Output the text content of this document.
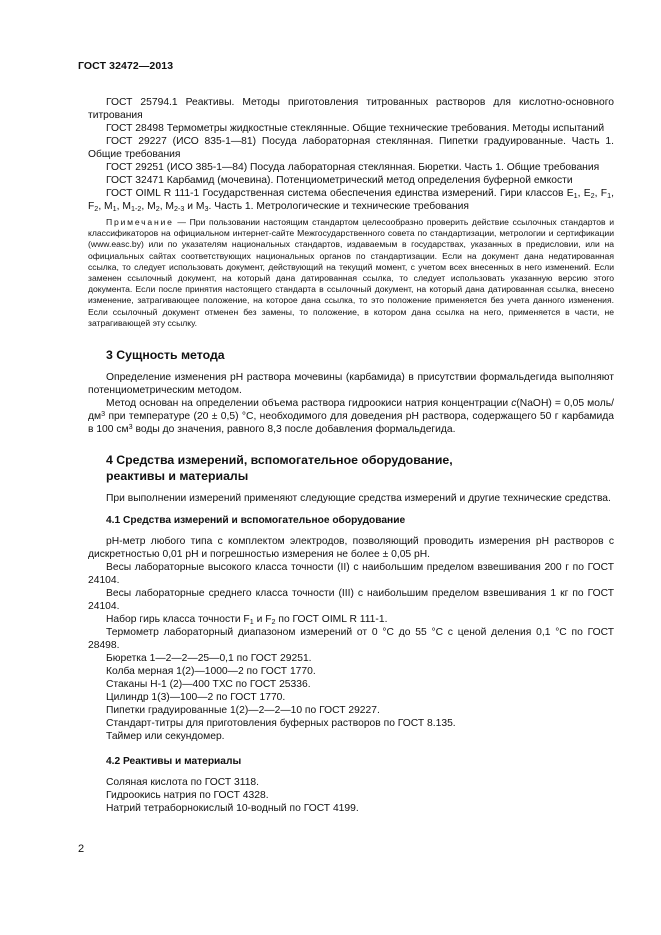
ГОСТ 32472—2013

ГОСТ 25794.1 Реактивы. Методы приготовления титрованных растворов для кислотно-основного титрования

ГОСТ 28498 Термометры жидкостные стеклянные. Общие технические требования. Методы испытаний

ГОСТ 29227 (ИСО 835-1—81) Посуда лабораторная стеклянная. Пипетки градуированные. Часть 1. Общие требования

ГОСТ 29251 (ИСО 385-1—84) Посуда лабораторная стеклянная. Бюретки. Часть 1. Общие требования

ГОСТ 32471 Карбамид (мочевина). Потенциометрический метод определения буферной емкости

ГОСТ OIML R 111-1 Государственная система обеспечения единства измерений. Гири классов $E_1$, $E_2$, $F_1$, $F_2$, $M_1$, $M_{1-2}$, $M_2$, $M_{2-3}$ и $M_3$. Часть 1. Метрологические и технические требования

Примечание — При пользовании настоящим стандартом целесообразно проверить действие ссылочных стандартов и классификаторов на официальном интернет-сайте Межгосударственного совета по стандартизации, метрологии и сертификации (www.easc.by) или по указателям национальных стандартов, издаваемым в государствах, указанных в предисловии, или на официальных сайтах соответствующих национальных органов по стандартизации. Если на документ дана недатированная ссылка, то следует использовать документ, действующий на текущий момент, с учетом всех внесенных в него изменений. Если заменен ссылочный документ, на который дана датированная ссылка, то следует использовать указанную версию этого документа. Если после принятия настоящего стандарта в ссылочный документ, на который дана датированная ссылка, внесено изменение, затрагивающее положение, на которое дана ссылка, то это положение применяется без учета данного изменения. Если ссылочный документ отменен без замены, то положение, в котором дана ссылка на него, применяется в части, не затрагивающей эту ссылку.

3 Сущность метода

Определение изменения pH раствора мочевины (карбамида) в присутствии формальдегида выполняют потенциометрическим методом.

Метод основан на определении объема раствора гидроокиси натрия концентрации c(NaOH) = 0,05 моль/$дм^3$ при температуре (20 ± 0,5) °С, необходимого для доведения pH раствора, содержащего 50 г карбамида в 100 $см^3$ воды до значения, равного 8,3 после добавления формальдегида.

4 Средства измерений, вспомогательное оборудование,
реактивы и материалы

При выполнении измерений применяют следующие средства измерений и другие технические средства.

4.1 Средства измерений и вспомогательное оборудование

pH-метр любого типа с комплектом электродов, позволяющий проводить измерения pH растворов с дискретностью 0,01 pH и погрешностью измерения не более ± 0,05 pH.

Весы лабораторные высокого класса точности (II) с наибольшим пределом взвешивания 200 г по ГОСТ 24104.

Весы лабораторные среднего класса точности (III) с наибольшим пределом взвешивания 1 кг по ГОСТ 24104.

Набор гирь класса точности $F_1$ и $F_2$ по ГОСТ OIML R 111-1.

Термометр лабораторный диапазоном измерений от 0 °С до 55 °С с ценой деления 0,1 °С по ГОСТ 28498.

Бюретка 1—2—2—25—0,1 по ГОСТ 29251.

Колба мерная 1(2)—1000—2 по ГОСТ 1770.

Стаканы Н-1 (2)—400 ТХС по ГОСТ 25336.

Цилиндр 1(3)—100—2 по ГОСТ 1770.

Пипетки градуированные 1(2)—2—2—10 по ГОСТ 29227.

Стандарт-титры для приготовления буферных растворов по ГОСТ 8.135.

Таймер или секундомер.

4.2 Реактивы и материалы

Соляная кислота по ГОСТ 3118.

Гидроокись натрия по ГОСТ 4328.

Натрий тетраборнокислый 10-водный по ГОСТ 4199.

2
